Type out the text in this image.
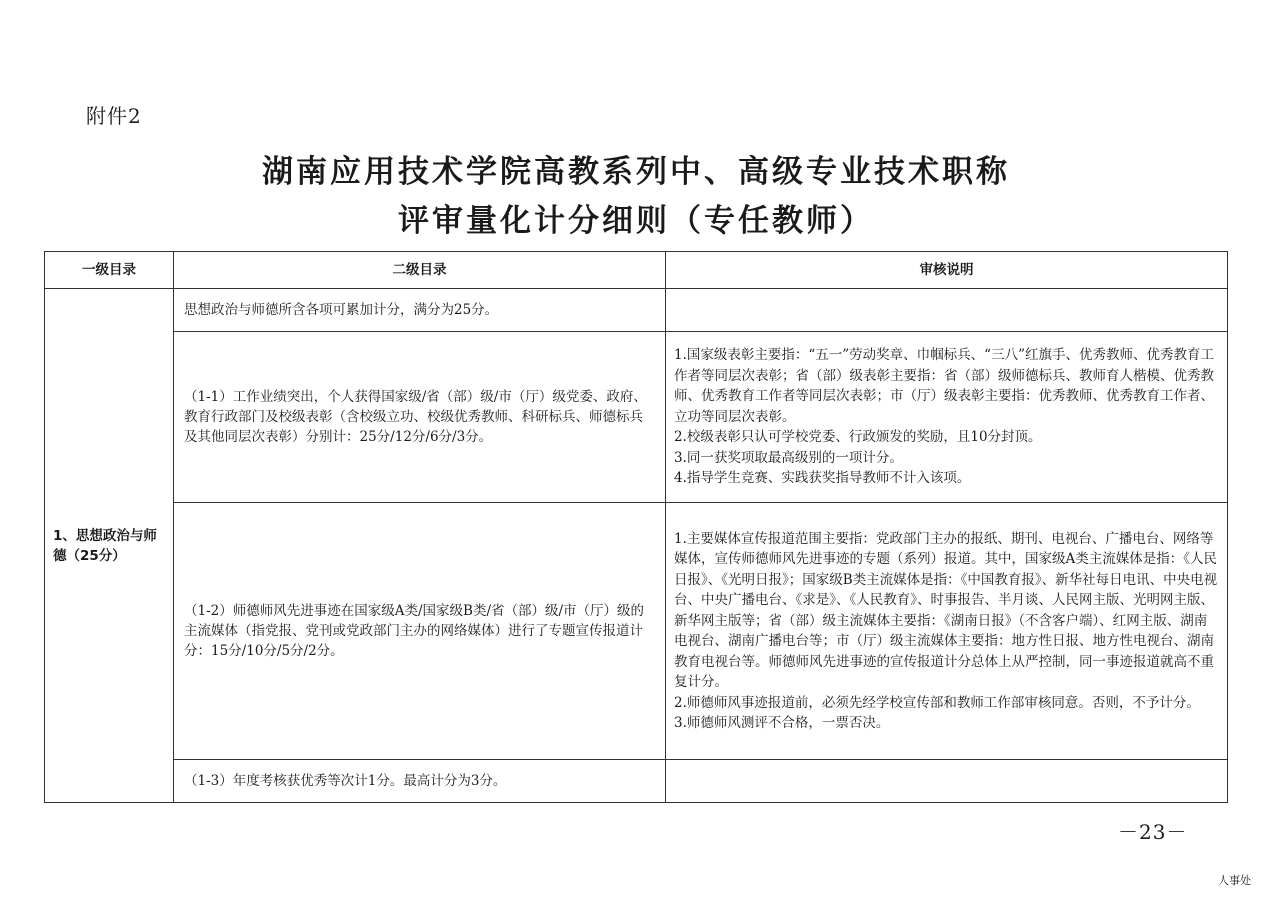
附件2
湖南应用技术学院高教系列中、高级专业技术职称
评审量化计分细则（专任教师）
一级目录	二级目录	审核说明
1、思想政治与师德（25分）	思想政治与师德所含各项可累加计分，满分为25分。	
	（1-1）工作业绩突出，个人获得国家级/省（部）级/市（厅）级党委、政府、教育行政部门及校级表彰（含校级立功、校级优秀教师、科研标兵、师德标兵及其他同层次表彰）分别计：25分/12分/6分/3分。	1.国家级表彰主要指：“五一”劳动奖章、巾帼标兵、“三八”红旗手、优秀教师、优秀教育工作者等同层次表彰；省（部）级表彰主要指：省（部）级师德标兵、教师育人楷模、优秀教师、优秀教育工作者等同层次表彰；市（厅）级表彰主要指：优秀教师、优秀教育工作者、立功等同层次表彰。
2.校级表彰只认可学校党委、行政颁发的奖励，且10分封顶。
3.同一获奖项取最高级别的一项计分。
4.指导学生竞赛、实践获奖指导教师不计入该项。

	（1-2）师德师风先进事迹在国家级A类/国家级B类/省（部）级/市（厅）级的主流媒体（指党报、党刊或党政部门主办的网络媒体）进行了专题宣传报道计分：15分/10分/5分/2分。	1.主要媒体宣传报道范围主要指：党政部门主办的报纸、期刊、电视台、广播电台、网络等媒体，宣传师德师风先进事迹的专题（系列）报道。其中，国家级A类主流媒体是指：《人民日报》、《光明日报》；国家级B类主流媒体是指：《中国教育报》、新华社每日电讯、中央电视台、中央广播电台、《求是》、《人民教育》、时事报告、半月谈、人民网主版、光明网主版、新华网主版等；省（部）级主流媒体主要指：《湖南日报》（不含客户端）、红网主版、湖南电视台、湖南广播电台等；市（厅）级主流媒体主要指：地方性日报、地方性电视台、湖南教育电视台等。师德师风先进事迹的宣传报道计分总体上从严控制，同一事迹报道就高不重复计分。
2.师德师风事迹报道前，必须先经学校宣传部和教师工作部审核同意。否则，不予计分。
3.师德师风测评不合格，一票否决。

	（1-3）年度考核获优秀等次计1分。最高计分为3分。	
－23－
人事处
